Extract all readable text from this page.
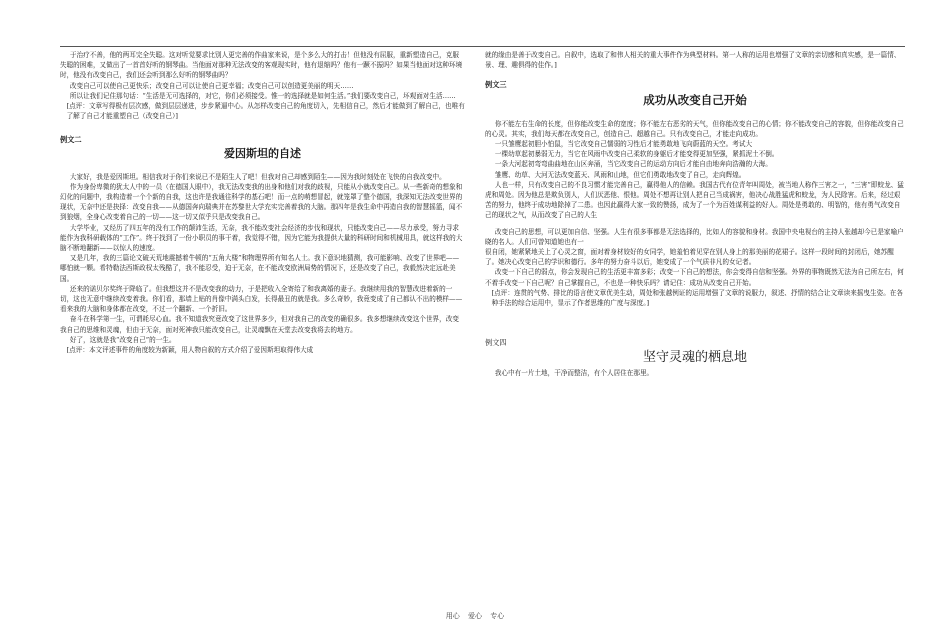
于治疗不善，他的两耳完全失聪。这对听觉要求比别人更完善的作曲家来说，是个多么大的打击！但他没有屈服，重新塑造自己，克服失聪的困难，又做出了一首首好听的钢琴曲。当他面对那种无法改变的客观现实时，他有退缩吗？他有一蹶不振吗？如果当他面对这种环境时，他没有改变自己，我们还会听到那么好听的钢琴曲吗？

改变自己可以使自己更快乐；改变自己可以让使自己更幸福；改变自己可以创造更美丽的明天……

所以让我们记住那句话：“生活是无可选择的，对它，你们必须接受。惟一的选择就是如何生活。”我们要改变自己，坏观面对生活……

[点评：文章写得极有层次感，做到层层递进，步步紧逼中心。从怎样改变自己的角度切入，先相信自己，然后才能做到了解自己，也唯有了解了自己才能重塑自己（改变自己）]

例文二

爱因斯坦的自述

大家好，我是爱因斯坦。相信我对于你们来说已不是陌生人了吧！但我对自己却感到陌生——因为我时刻处在飞快的自我改变中。

作为身份卑微的犹太人中的一员（在德国人眼中），我无法改变我的出身和他们对我的歧视，只能从小就改变自己。从一些新奇的想象和幻化的问题中，我构造着一个个新的自我，这也许是我通往科学的基石吧！而一点的萌想冒起，就笼罩了整个德国，我深知无法改变世界的现状，无奈中还是抉择：改变自我——从德国奔向瑞典并在苏黎世大学充实完善着我的大脑。那四年是我生命中再造自我的智慧摇篮，闻不到狼烟，全身心改变着自己的一切——这一切又似乎只是改变我自己。

大学毕业，又经历了四五年的没有工作的颠沛生活，无奈，我不能改变社会经济的步伐和现状，只能改变自己——尽力承受，努力寻求能作为我科研载体的“工作”。终于找到了一份小职员的事干着，我觉得不错，因为它能为我提供大量的科研时间和机械用具，就这样我的大脑不断地翻新——以惊人的速度。

又是几年，我的三篇论文破天荒地震撼着牛顿的“五角大楼”和物理界所有知名人士。我下意识地猜测，我可能影响、改变了世界吧——哪怕就一颗。希特勒法西斯政权太残酷了，我不能忍受，迫于无奈，在不能改变欧洲局势的情况下，还是改变了自己，我毅然决定远赴美国。

还来的诺贝尔奖终于降临了。但我想这并不是改变我的动力，于是把收入全寄给了和我离婚的妻子。我继续用我的智慧改进着新的一切，这也无意中继续改变着我。你们看，那墙上贴的肖像中满头白发，长得最丑的就是我。多么奇妙，我竟变成了自己都认不出的模样——看来我的大脑和身体都在改变，不过一个翻新、一个折旧。

奋斗在科学第一生，可谓耗尽心血。我不知道我究竟改变了这世界多少，但对我自己的改变的确很多。我多想继续改变这个世界，改变我自己的思维和灵魂，但由于无奈，面对死神我只能改变自己，让灵魂飘在天堂去改变我将去的地方。

好了，这就是我“改变自己”的一生。

[点评：本文评述事件的角度较为新颖，用人物自叙的方式介绍了爱因斯坦取得伟大成

就的缘由是善于改变自己。自叙中，选取了和伟人相关的重大事件作为典型材料。第一人称的运用也增强了文章的亲切感和真实感，是一篇情、景、理、趣俱得的佳作。]

例文三

成功从改变自己开始

你不能左右生命的长度，但你能改变生命的宽度；你不能左右恶劣的天气，但你能改变自己的心情；你不能改变自己的容貌，但你能改变自己的心灵。其实，我们每天都在改变自己，创造自己、超越自己。只有改变自己，才能走向成功。

一只雏鹰起初胆小怕鼠，当它改变自己懦弱的习性后才能勇敢地飞向蔚蓝的天空。考试大

一棵幼草起初暴弱无力，当它在风雨中改变自己柔软的身躯后才能变得更加坚强，紧抓泥土不倒。

一条大河起初弯弯曲曲地在山区奔涌，当它改变自己的运动方向后才能自由地奔向浩瀚的大海。

雏鹰、幼草、大河无法改变蓝天、风雨和山地，但它们勇敢地改变了自己，走向辉煌。

人也一样，只有改变自己的不良习惯才能完善自己，赢得他人的信赖。我国古代有位青年叫周处，被当地人称作三害之一，“三害”即蛟龙、猛虎和周处。因为他总是欺负别人，人们厌恶他、恨他。周处不想再让别人把自己当成祸害，他决心战胜猛虎和蛟龙，为人民除害。后来，经过艰苦的努力，他终于成功地除掉了二患。也因此赢得大家一致的赞扬，成为了一个为百姓谋利益的好人。周处是勇敢的、明智的，他有勇气改变自己的现状之气，从而改变了自己的人生

改变自己的思想，可以更加自信、坚强。人生有很多事都是无法选择的，比如人的容貌和身材。我国中央电视台的主持人张越却今已是家喻户晓的名人。人们可曾知道她也有一

很自闭，她紧紧地关上了心灵之窗，面对着身材姣好的女同学，她羞怕着见穿在别人身上的那美丽的花裙子。这样一段时间的封闭后，她苏醒了。她决心改变自己的学识和德行。多年的努力奋斗以后，她变成了一个气质非凡的女记者。

改变一下自己的弱点，你会发现自己的生活更丰富多彩；改变一下自己的想法，你会变得自信和坚强。外界的事物既然无法为自己所左右，何不着手改变一下自己呢？自己掌握自己，不也是一种快乐吗？请记住：成功从改变自己开始。

[点评：连贯的气势、排比的语言使文章优美生动，周处和张越例证的运用增强了文章的说服力，叙述、抒情的结合让文章读来摇曳生姿。在各种手法的综合运用中，显示了作者思维的广度与深度。]

例文四

坚守灵魂的栖息地

我心中有一片土地，干净而整洁，有个人居住在那里。

用心 爱心 专心
